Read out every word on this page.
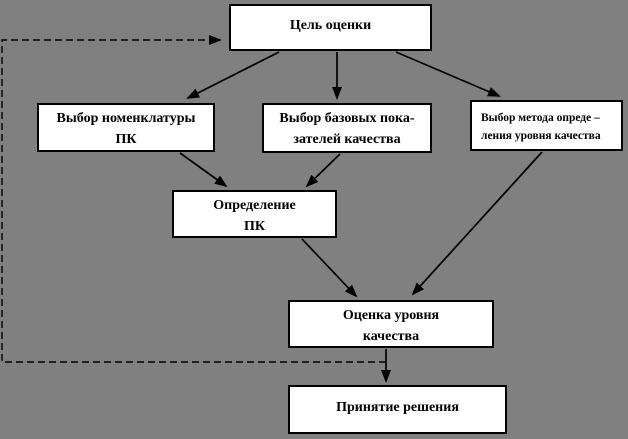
Цель оценки
Выбор номенклатуры
ПК
Выбор базовых пока-
зателей качества
Выбор метода опреде –
ления уровня качества
Определение
ПК
Оценка уровня
качества
Принятие решения
